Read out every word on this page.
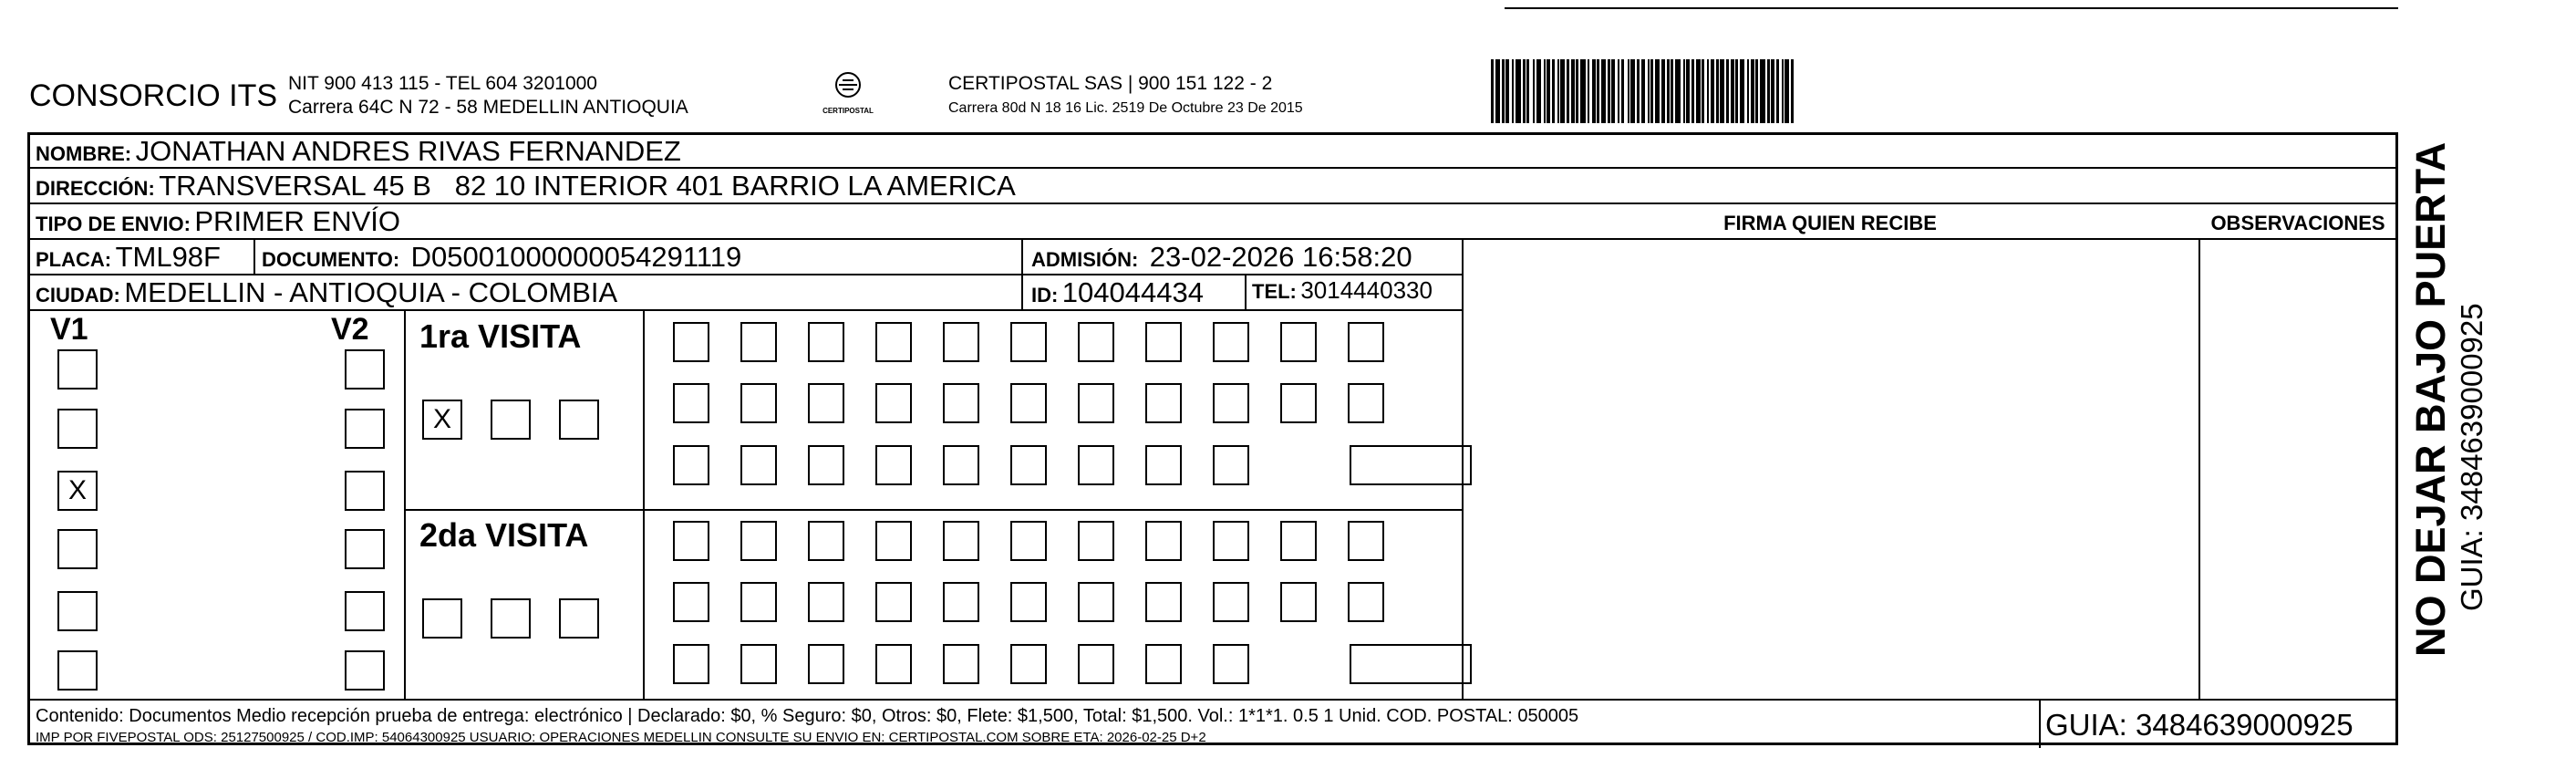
CONSORCIO ITS NIT 900 413 115 - TEL 604 3201000
Carrera 64C N 72 - 58 MEDELLIN ANTIOQUIA	CERTIPOSTAL
CERTIPOSTAL SAS | 900 151 122 - 2
Carrera 80d N 18 16 Lic. 2519 De Octubre 23 De 2015
NOMBRE: JONATHAN ANDRES RIVAS FERNANDEZ
DIRECCIÓN: TRANSVERSAL 45 B   82 10 INTERIOR 401 BARRIO LA AMERICA
TIPO DE ENVIO: PRIMER ENVÍO	FIRMA QUIEN RECIBE	OBSERVACIONES
PLACA: TML98F DOCUMENTO: D05001000000054291119	ADMISIÓN: 23-02-2026 16:58:20
CIUDAD: MEDELLIN - ANTIOQUIA - COLOMBIA	ID: 104044434 TEL: 3014440330
V1	V2
X
1ra VISITA
2da VISITA
X
Contenido: Documentos Medio recepción prueba de entrega: electrónico | Declarado: $0, % Seguro: $0, Otros: $0, Flete: $1,500, Total: $1,500. Vol.: 1*1*1. 0.5 1 Unid. COD. POSTAL: 050005
IMP POR FIVEPOSTAL ODS: 25127500925 / COD.IMP: 54064300925 USUARIO: OPERACIONES MEDELLIN CONSULTE SU ENVIO EN: CERTIPOSTAL.COM SOBRE ETA: 2026-02-25 D+2	GUIA: 3484639000925
NO DEJAR BAJO PUERTA GUIA: 3484639000925
